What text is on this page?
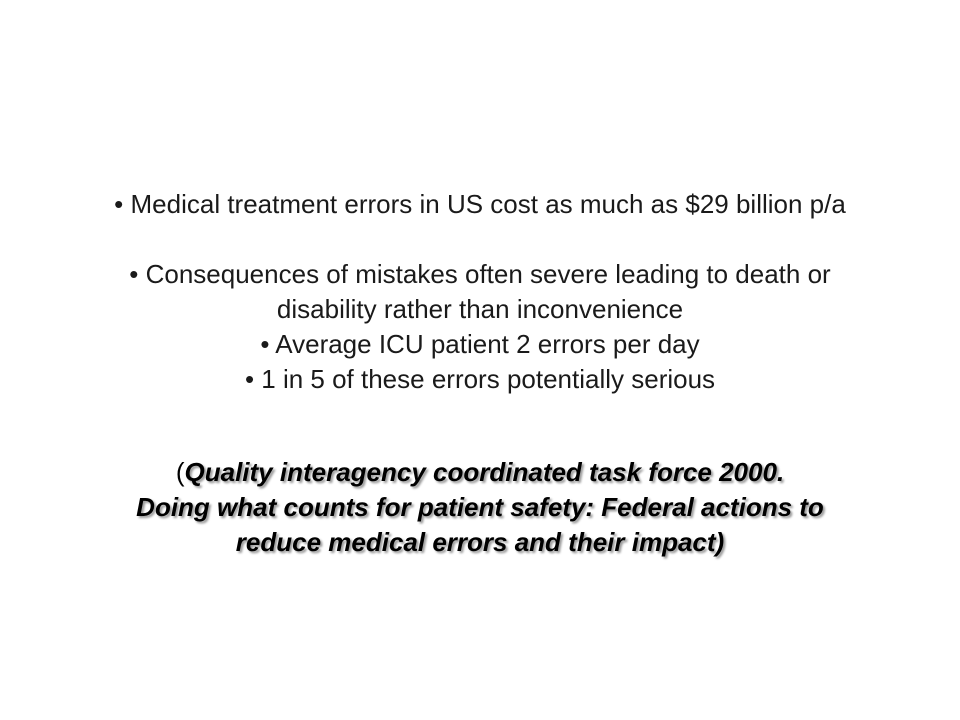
• Medical treatment errors in US cost as much as $29 billion p/a
• Consequences of mistakes often severe leading to death or
disability rather than inconvenience
• Average ICU patient 2 errors per day
• 1 in 5 of these errors potentially serious
(Quality interagency coordinated task force 2000.
Doing what counts for patient safety: Federal actions to
reduce medical errors and their impact)
